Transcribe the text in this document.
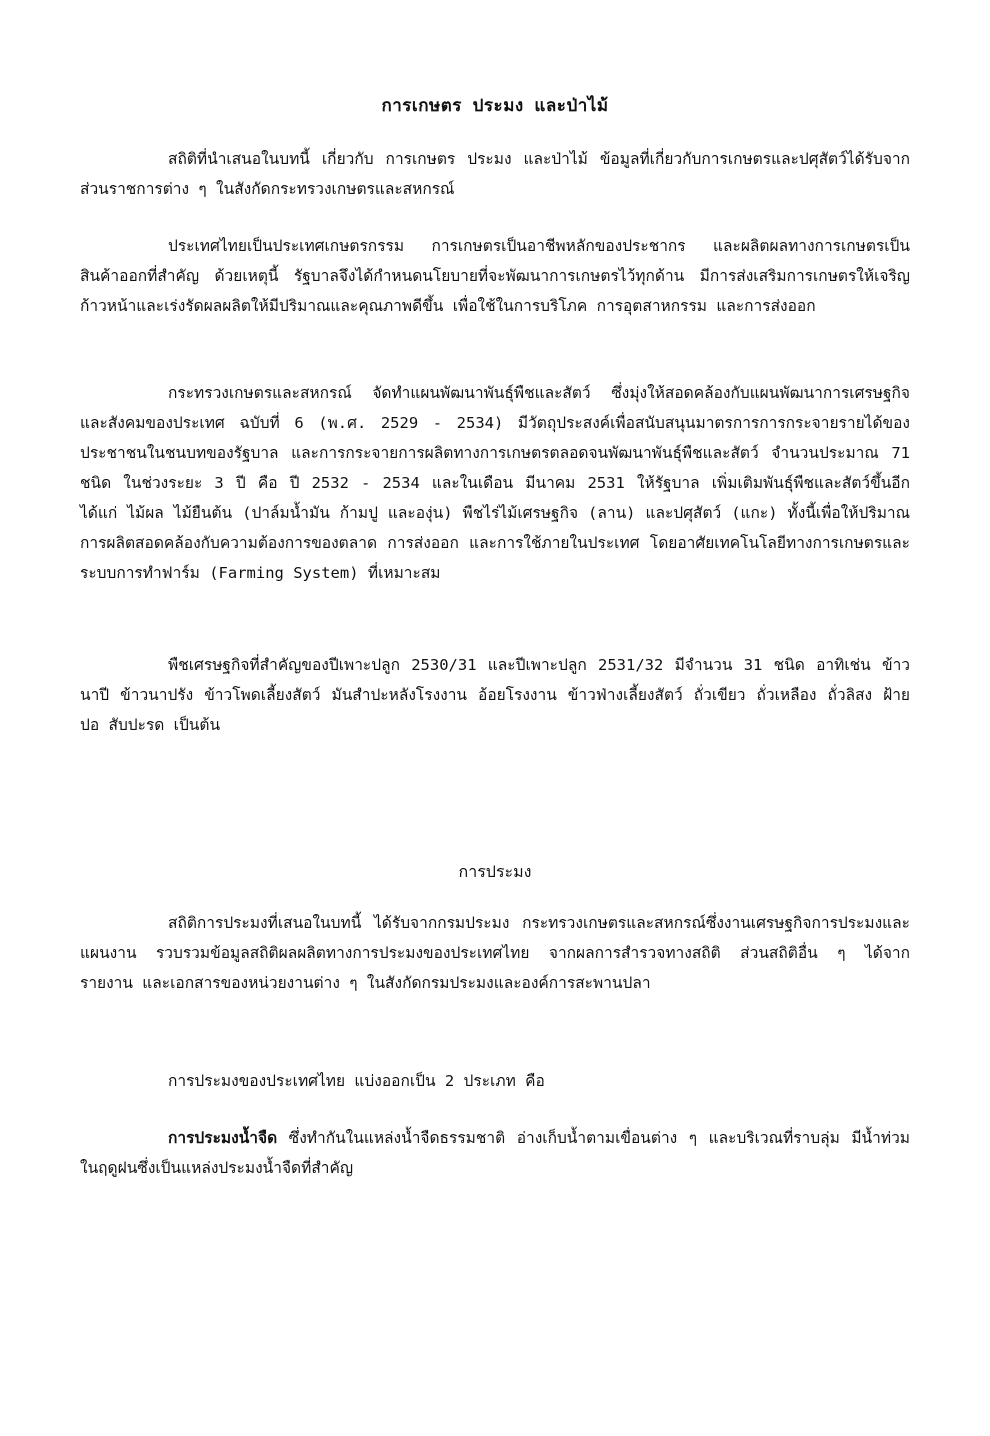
การเกษตร ประมง และป่าไม้

สถิติที่นำเสนอในบทนี้ เกี่ยวกับ การเกษตร ประมง และป่าไม้ ข้อมูลที่เกี่ยวกับการเกษตรและปศุสัตว์ได้รับจากส่วนราชการต่าง ๆ ในสังกัดกระทรวงเกษตรและสหกรณ์

ประเทศไทยเป็นประเทศเกษตรกรรม การเกษตรเป็นอาชีพหลักของประชากร และผลิตผลทางการเกษตรเป็นสินค้าออกที่สำคัญ ด้วยเหตุนี้ รัฐบาลจึงได้กำหนดนโยบายที่จะพัฒนาการเกษตรไว้ทุกด้าน มีการส่งเสริมการเกษตรให้เจริญก้าวหน้าและเร่งรัดผลผลิตให้มีปริมาณและคุณภาพดีขึ้น เพื่อใช้ในการบริโภค การอุตสาหกรรม และการส่งออก

กระทรวงเกษตรและสหกรณ์ จัดทำแผนพัฒนาพันธุ์พืชและสัตว์ ซึ่งมุ่งให้สอดคล้องกับแผนพัฒนาการเศรษฐกิจและสังคมของประเทศ ฉบับที่ 6 (พ.ศ. 2529 - 2534) มีวัตถุประสงค์เพื่อสนับสนุนมาตรการการกระจายรายได้ของประชาชนในชนบทของรัฐบาล และการกระจายการผลิตทางการเกษตรตลอดจนพัฒนาพันธุ์พืชและสัตว์ จำนวนประมาณ 71 ชนิด ในช่วงระยะ 3 ปี คือ ปี 2532 - 2534 และในเดือน มีนาคม 2531 ให้รัฐบาล เพิ่มเติมพันธุ์พืชและสัตว์ขึ้นอีก ได้แก่ ไม้ผล ไม้ยืนต้น (ปาล์มน้ำมัน ก้ามปู และองุ่น) พืชไร่ไม้เศรษฐกิจ (ลาน) และปศุสัตว์ (แกะ) ทั้งนี้เพื่อให้ปริมาณการผลิตสอดคล้องกับความต้องการของตลาด การส่งออก และการใช้ภายในประเทศ โดยอาศัยเทคโนโลยีทางการเกษตรและระบบการทำฟาร์ม (Farming System) ที่เหมาะสม

พืชเศรษฐกิจที่สำคัญของปีเพาะปลูก 2530/31 และปีเพาะปลูก 2531/32 มีจำนวน 31 ชนิด อาทิเช่น ข้าวนาปี ข้าวนาปรัง ข้าวโพดเลี้ยงสัตว์ มันสำปะหลังโรงงาน อ้อยโรงงาน ข้าวฟ่างเลี้ยงสัตว์ ถั่วเขียว ถั่วเหลือง ถั่วลิสง ฝ้าย ปอ สับปะรด เป็นต้น

การประมง

สถิติการประมงที่เสนอในบทนี้ ได้รับจากกรมประมง กระทรวงเกษตรและสหกรณ์ซึ่งงานเศรษฐกิจการประมงและแผนงาน รวบรวมข้อมูลสถิติผลผลิตทางการประมงของประเทศไทย จากผลการสำรวจทางสถิติ ส่วนสถิติอื่น ๆ ได้จากรายงาน และเอกสารของหน่วยงานต่าง ๆ ในสังกัดกรมประมงและองค์การสะพานปลา

การประมงของประเทศไทย แบ่งออกเป็น 2 ประเภท คือ

การประมงน้ำจืด ซึ่งทำกันในแหล่งน้ำจืดธรรมชาติ อ่างเก็บน้ำตามเขื่อนต่าง ๆ และบริเวณที่ราบลุ่ม มีน้ำท่วมในฤดูฝนซึ่งเป็นแหล่งประมงน้ำจืดที่สำคัญ
